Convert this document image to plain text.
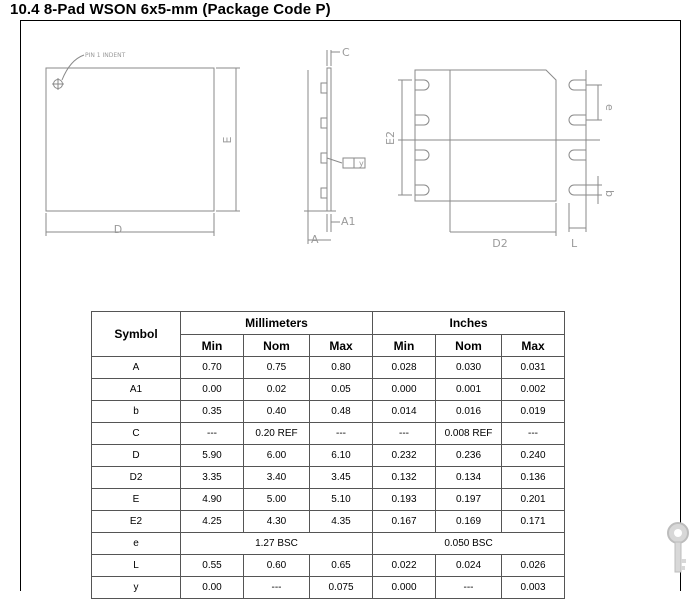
10.4 8-Pad WSON 6x5-mm (Package Code P)
PIN 1 INDENT
D
E
C
y
A1
A
E2
D2
e
b
L
Symbol	Millimeters			Inches		
	Min	Nom	Max	Min	Nom	Max
A	0.70	0.75	0.80	0.028	0.030	0.031
A1	0.00	0.02	0.05	0.000	0.001	0.002
b	0.35	0.40	0.48	0.014	0.016	0.019
C	---	0.20 REF	---	---	0.008 REF	---
D	5.90	6.00	6.10	0.232	0.236	0.240
D2	3.35	3.40	3.45	0.132	0.134	0.136
E	4.90	5.00	5.10	0.193	0.197	0.201
E2	4.25	4.30	4.35	0.167	0.169	0.171
e	1.27 BSC			0.050 BSC		
L	0.55	0.60	0.65	0.022	0.024	0.026
y	0.00	---	0.075	0.000	---	0.003
